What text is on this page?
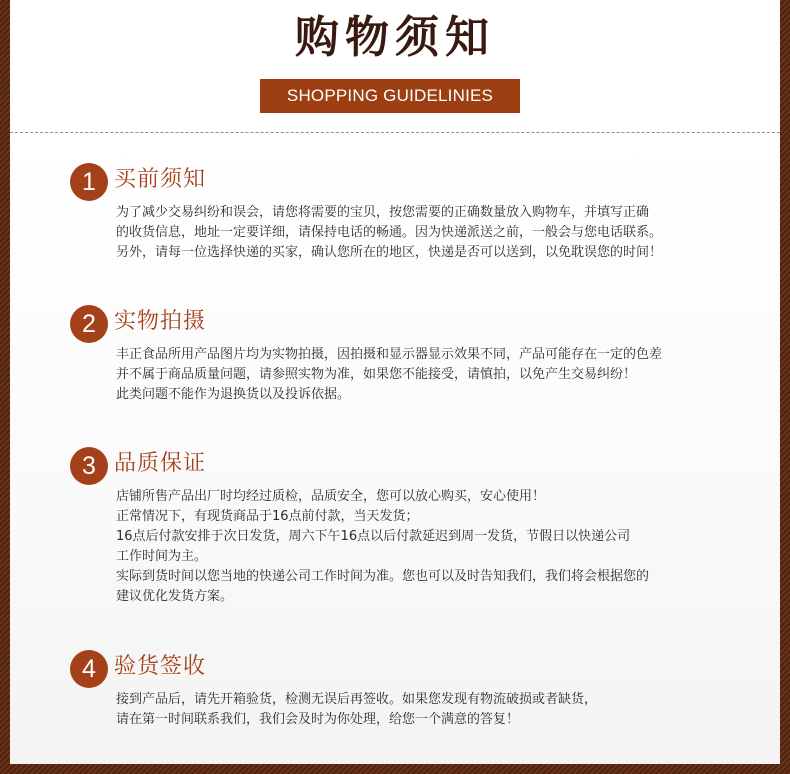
购物须知
SHOPPING GUIDELINIES
1 买前须知
为了减少交易纠纷和误会，请您将需要的宝贝，按您需要的正确数量放入购物车，并填写正确
的收货信息，地址一定要详细，请保持电话的畅通。因为快递派送之前，一般会与您电话联系。
另外，请每一位选择快递的买家，确认您所在的地区，快递是否可以送到，以免耽误您的时间！
2 实物拍摄
丰正食品所用产品图片均为实物拍摄，因拍摄和显示器显示效果不同，产品可能存在一定的色差
并不属于商品质量问题，请参照实物为准，如果您不能接受，请慎拍，以免产生交易纠纷！
此类问题不能作为退换货以及投诉依据。
3 品质保证
店铺所售产品出厂时均经过质检，品质安全，您可以放心购买，安心使用！
正常情况下，有现货商品于16点前付款，当天发货；
16点后付款安排于次日发货，周六下午16点以后付款延迟到周一发货，节假日以快递公司
工作时间为主。
实际到货时间以您当地的快递公司工作时间为准。您也可以及时告知我们，我们将会根据您的
建议优化发货方案。
4 验货签收
接到产品后，请先开箱验货，检测无误后再签收。如果您发现有物流破损或者缺货，
请在第一时间联系我们，我们会及时为你处理，给您一个满意的答复！
